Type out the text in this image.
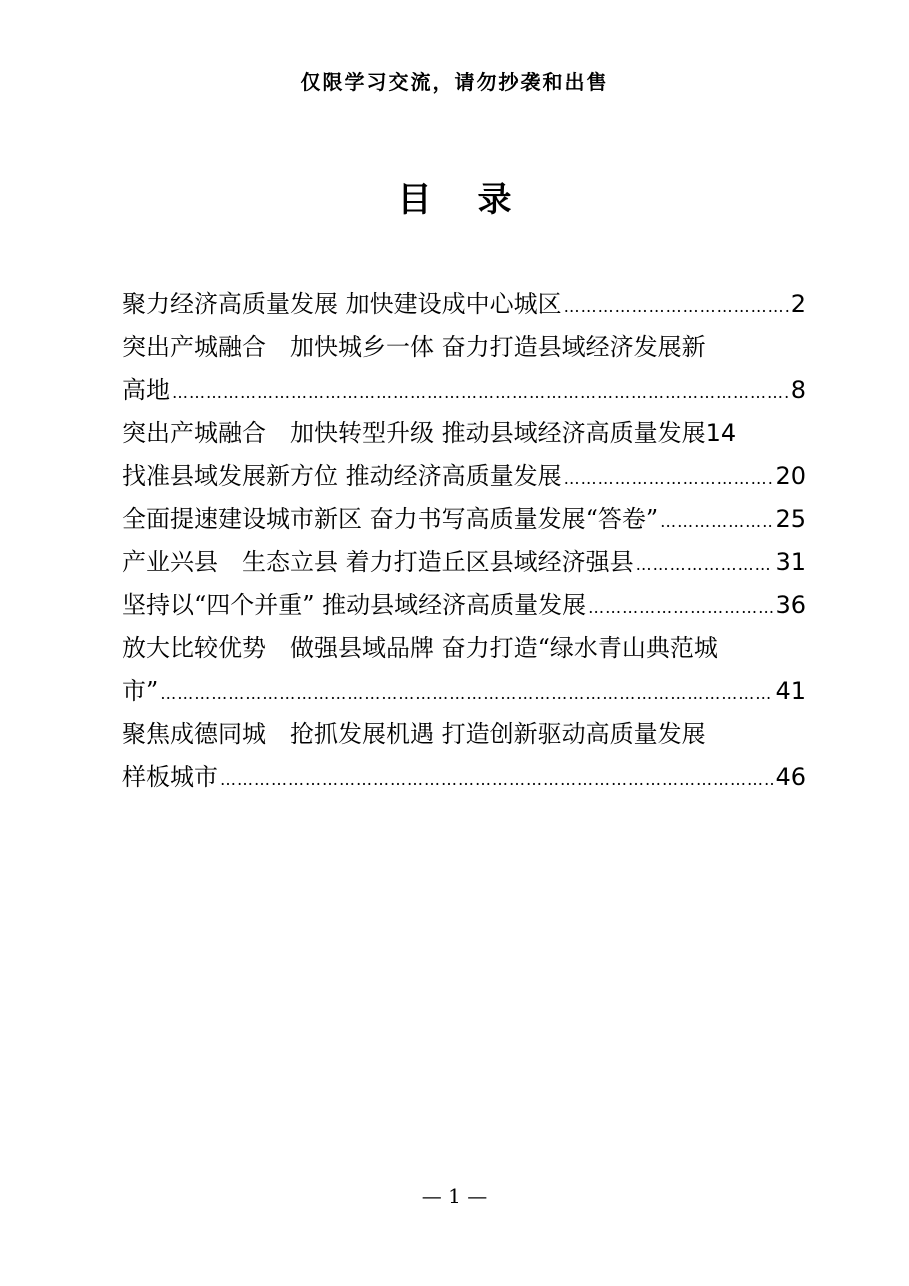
仅限学习交流，请勿抄袭和出售
目 录
聚力经济高质量发展 加快建设成中心城区 ……………………………………………………………………………………………………………………………………………………………………………	2
突出产城融合　加快城乡一体 奋力打造县域经济发展新
高地 ……………………………………………………………………………………………………………………………………………………………………………	8
突出产城融合　加快转型升级 推动县域经济高质量发展 14
找准县域发展新方位 推动经济高质量发展 ……………………………………………………………………………………………………………………………………………………………………………	20
全面提速建设城市新区 奋力书写高质量发展“答卷” ……………………………………………………………………………………………………………………………………………………………………………	25
产业兴县　生态立县 着力打造丘区县域经济强县 ……………………………………………………………………………………………………………………………………………………………………………	31
坚持以“四个并重” 推动县域经济高质量发展 ……………………………………………………………………………………………………………………………………………………………………………	36
放大比较优势　做强县域品牌 奋力打造“绿水青山典范城
市” ……………………………………………………………………………………………………………………………………………………………………………	41
聚焦成德同城　抢抓发展机遇 打造创新驱动高质量发展
样板城市 ……………………………………………………………………………………………………………………………………………………………………………	46
— 1 —
